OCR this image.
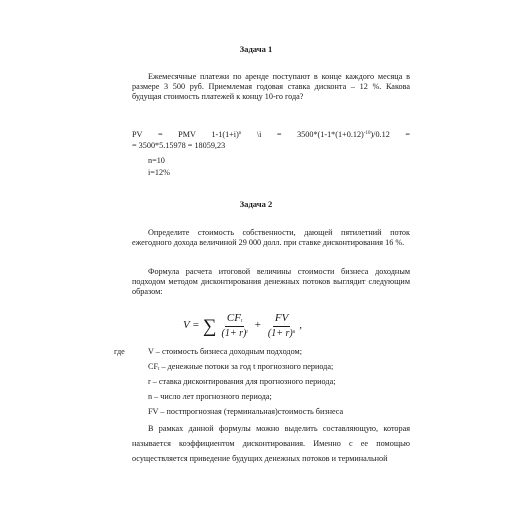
Задача 1
Ежемесячные платежи по аренде поступают в конце каждого месяца в размере 3 500 руб. Приемлемая годовая ставка дисконта – 12 %. Какова будущая стоимость платежей к концу 10-го года?
PV = PMV $1-1(1+i)^n$ \i = $3500*(1-1*(1+0.12)^{-10})/0.12$ =
= 3500*5.15978 = 18059,23
n=10
i=12%
Задача 2
Определите стоимость собственности, дающей пятилетний поток ежегодного дохода величиной 29 000 долл. при ставке дисконтирования 16 %.
Формула расчета итоговой величины стоимости бизнеса доходным подходом методом дисконтирования денежных потоков выглядит следующим образом:
V = ∑ $\frac{CF_t}{(1+ r)^t} + \frac{FV}{(1+ r)^n}$ ,
где	V – стоимость бизнеса доходным подходом;
$CF_t$ – денежные потоки за год t прогнозного периода;
r – ставка дисконтирования для прогнозного периода;
n – число лет прогнозного периода;
FV – постпрогнозная (терминальная)стоимость бизнеса
В рамках данной формулы можно выделить составляющую, которая называется коэффициентом дисконтирования. Именно с ее помощью осуществляется приведение будущих денежных потоков и терминальной
